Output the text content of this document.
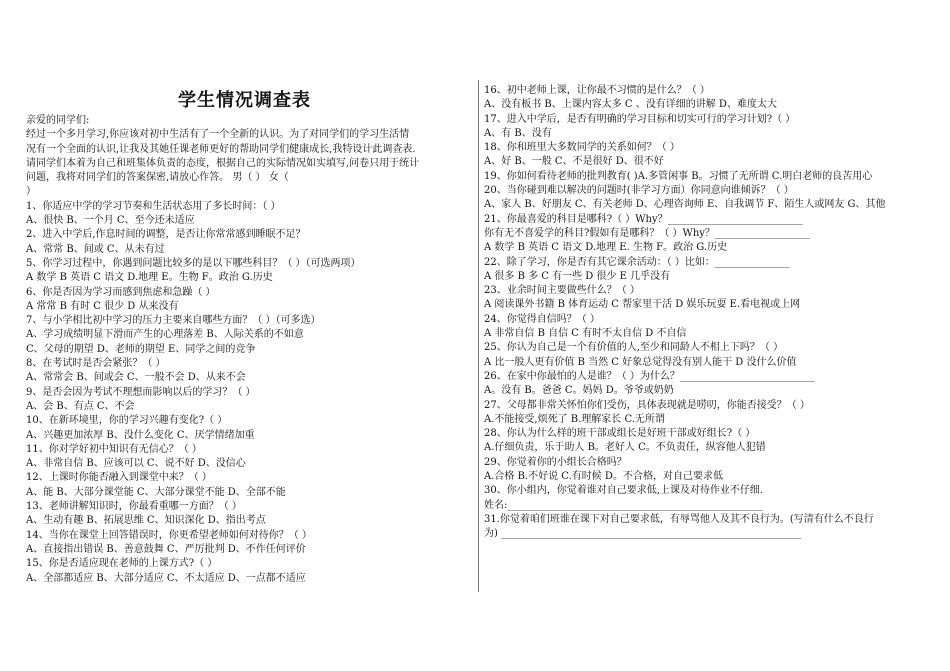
学生情况调查表
亲爱的同学们:
经过一个多月学习,你应该对初中生活有了一个全新的认识。为了对同学们的学习生活情
况有一个全面的认识,让我及其她任课老师更好的帮助同学们健康成长,我特设计此调查表.
请同学们本着为自己和班集体负责的态度，根据自己的实际情况如实填写,问卷只用于统计
问题，我将对同学们的答案保密,请放心作答。 男（ ） 女（
）
1、你适应中学的学习节奏和生活状态用了多长时间：（ ）
A、很快 B、一个月 C、至今还未适应
2、进入中学后,作息时间的调整，是否让你常常感到睡眠不足？
A、常常 B、间或 C、从未有过
5、你学习过程中，你遇到问题比较多的是以下哪些科目？（ ）（可选两项）
A 数学 B 英语 C 语文 D.地理 E。生物 F。政治 G.历史
6、你是否因为学习而感到焦虑和急躁（ ）
A 常常 B 有时 C 很少 D 从来没有
7、与小学相比初中学习的压力主要来自哪些方面？（ ）（可多选）
A、学习成绩明显下滑而产生的心理落差 B、人际关系的不如意
C、父母的期望 D、老师的期望 E、同学之间的竞争
8、在考试时是否会紧张？（ ）
A、常常会 B、间或会 C、一般不会 D、从来不会
9、是否会因为考试不理想而影响以后的学习？（ ）
A、会 B、有点 C、不会
10、在新环境里，你的学习兴趣有变化?（ ）
A、兴趣更加浓厚 B、没什么变化 C、厌学情绪加重
11、你对学好初中知识有无信心？（ ）
A、非常自信 B、应该可以 C、说不好 D、没信心
12、上课时你能否融入到课堂中来？（ ）
A、能 B、大部分课堂能 C、大部分课堂不能 D、全部不能
13、老师讲解知识时，你最看重哪一方面？（ ）
A、生动有趣 B、拓展思维 C、知识深化 D、指出考点
14、当你在课堂上回答错误时，你更希望老师如何对待你？（ ）
A、直接指出错误 B、善意鼓舞 C、严厉批判 D、不作任何评价
15、你是否适应现在老师的上课方式?（ ）
A、全部都适应 B、大部分适应 C、不太适应 D、一点都不适应
16、初中老师上课，让你最不习惯的是什么？（ ）
A、没有板书 B、上课内容太多 C 、没有详细的讲解 D、难度太大
17、进入中学后，是否有明确的学习目标和切实可行的学习计划?（ ）
A、有 B、没有
18、你和班里大多数同学的关系如何？（ ）
A、好 B、一般 C、不是很好 D、很不好
19、你如何看待老师的批判教育( )A.多管闲事 B。习惯了无所谓 C.明白老师的良苦用心
20、当你碰到难以解决的问题时(非学习方面）你同意向谁倾诉？（ ）
A、家人 B、好朋友 C、有关老师 D、心理咨询师 E、自我调节 F、陌生人或网友 G、其他
21、你最喜爱的科目是哪科?（ ）Why？___________________________
你有无不喜爱学的科目?假如有是哪科？（ ）Why？___________________
A 数学 B 英语 C 语文 D.地理 E. 生物 F。政治 G.历史
22、除了学习，你是否有其它课余活动：（ ）比如：_______________
A 很多 B 多 C 有一些 D 很少 E 几乎没有
23、业余时间主要做些什么？（ ）
A 阅读课外书籍 B 体育运动 C 帮家里干活 D 娱乐玩耍 E.看电视或上网
24、你觉得自信吗？（ ）
A 非常自信 B 自信 C 有时不太自信 D 不自信
25、你认为自己是一个有价值的人,至少和同龄人不相上下吗？（ ）
A 比一般人更有价值 B 当然 C 好象总觉得没有别人能干 D 没什么价值
26、在家中你最怕的人是谁？（ ）为什么？___________________________
A。没有 B。爸爸 C。妈妈 D。爷爷或奶奶
27、父母都非常关怀怕你们受伤，具体表现就是唠叨，你能否接受？（ ）
A.不能接受,烦死了 B.理解家长 C.无所谓
28、你认为什么样的班干部或组长是好班干部或好组长?（ ）
A.仔细负责，乐于助人 B。老好人 C。不负责任，纵容他人犯错
29、你觉着你的小组长合格吗？
A.合格 B.不好说 C.有时候 D。不合格，对自己要求低
30、你小组内，你觉着谁对自己要求低,上课及对待作业不仔细.
姓名:___________________________________________________
31.你觉着咱们班谁在课下对自己要求低，有辱骂他人及其不良行为。(写清有什么不良行
为) ____________________________________________________________
